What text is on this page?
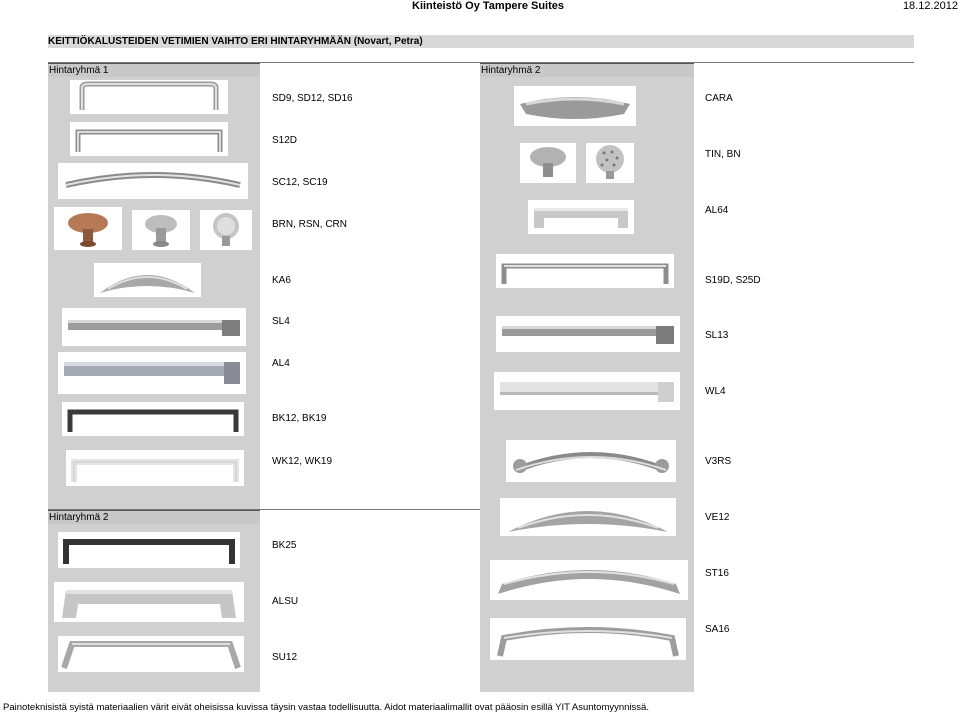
Kiinteistö Oy Tampere Suites	18.12.2012
KEITTIÖKALUSTEIDEN VETIMIEN VAIHTO ERI HINTARYHMÄÄN (Novart, Petra)
Hintaryhmä 1	Hintaryhmä 2
Hintaryhmä 2
SD9, SD12, SD16
S12D
SC12, SC19
BRN, RSN, CRN
KA6
SL4
AL4
BK12, BK19
WK12, WK19
BK25
ALSU
SU12
CARA
TIN, BN
AL64
S19D, S25D
SL13
WL4
V3RS
VE12
ST16
SA16
Painoteknisistä syistä materiaalien värit eivät oheisissa kuvissa täysin vastaa todellisuutta. Aidot materiaalimallit ovat pääosin esillä YIT Asuntomyynnissä.
